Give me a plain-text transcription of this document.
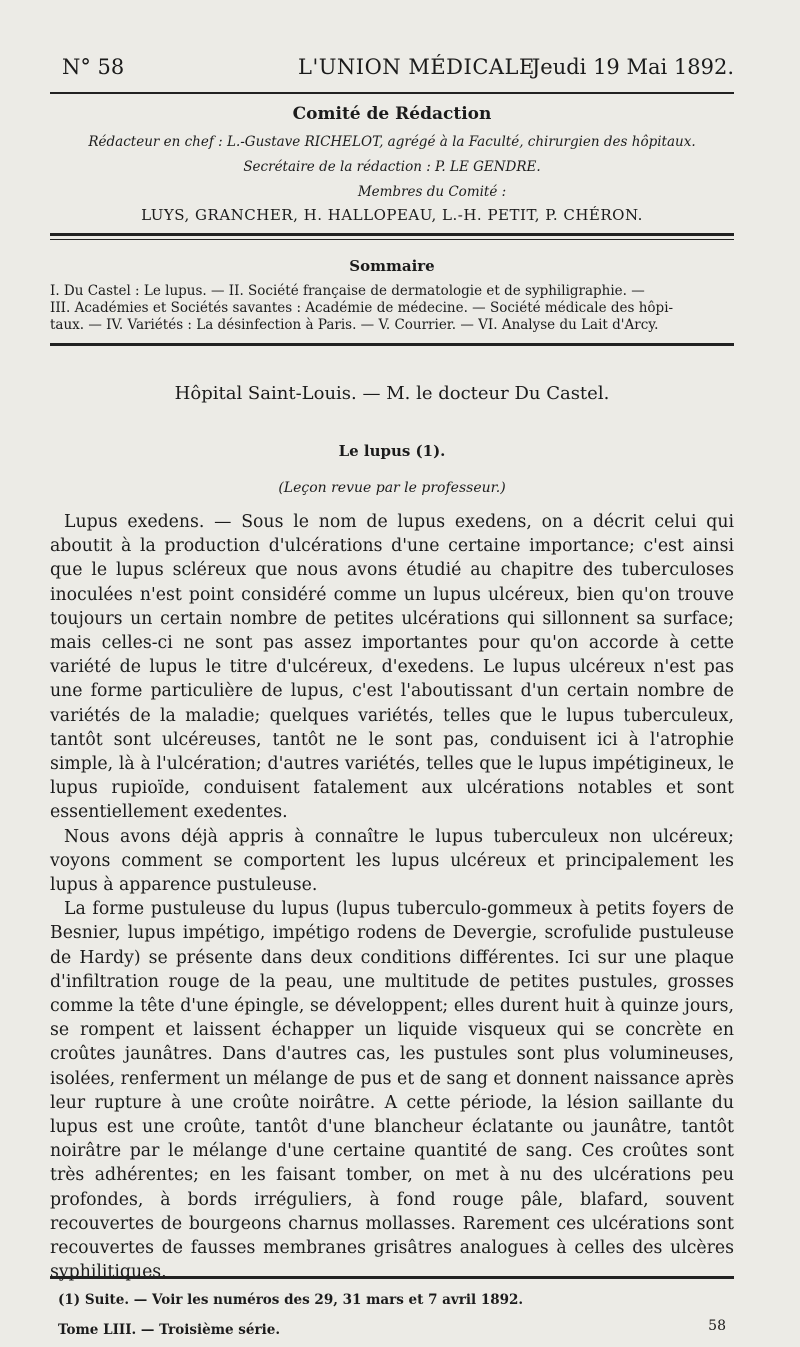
N° 58	L'UNION MÉDICALE
Jeudi 19 Mai 1892.
Comité de Rédaction
Rédacteur en chef : L.-Gustave RICHELOT, agrégé à la Faculté, chirurgien des hôpitaux.
Secrétaire de la rédaction : P. LE GENDRE.
Membres du Comité :
LUYS, GRANCHER, H. HALLOPEAU, L.-H. PETIT, P. CHÉRON.
Sommaire
I. Du Castel : Le lupus. — II. Société française de dermatologie et de syphiligraphie. —
III. Académies et Sociétés savantes : Académie de médecine. — Société médicale des hôpi-
taux. — IV. Variétés : La désinfection à Paris. — V. Courrier. — VI. Analyse du Lait d'Arcy.
Hôpital Saint-Louis. — M. le docteur Du Castel.
Le lupus (1).
(Leçon revue par le professeur.)

Lupus exedens. — Sous le nom de lupus exedens, on a décrit celui qui aboutit à la production d'ulcérations d'une certaine importance; c'est ainsi que le lupus scléreux que nous avons étudié au chapitre des tuberculoses inoculées n'est point considéré comme un lupus ulcéreux, bien qu'on trouve toujours un certain nombre de petites ulcérations qui sillonnent sa surface; mais celles-ci ne sont pas assez importantes pour qu'on accorde à cette variété de lupus le titre d'ulcéreux, d'exedens. Le lupus ulcéreux n'est pas une forme particulière de lupus, c'est l'aboutissant d'un certain nombre de variétés de la maladie; quelques variétés, telles que le lupus tuberculeux, tantôt sont ulcéreuses, tantôt ne le sont pas, conduisent ici à l'atrophie simple, là à l'ulcération; d'autres variétés, telles que le lupus impétigineux, le lupus rupioïde, conduisent fatalement aux ulcérations notables et sont essentiellement exedentes.

Nous avons déjà appris à connaître le lupus tuberculeux non ulcéreux; voyons comment se comportent les lupus ulcéreux et principalement les lupus à apparence pustuleuse.

La forme pustuleuse du lupus (lupus tuberculo-gommeux à petits foyers de Besnier, lupus impétigo, impétigo rodens de Devergie, scrofulide pustuleuse de Hardy) se présente dans deux conditions différentes. Ici sur une plaque d'infiltration rouge de la peau, une multitude de petites pustules, grosses comme la tête d'une épingle, se développent; elles durent huit à quinze jours, se rompent et laissent échapper un liquide visqueux qui se concrète en croûtes jaunâtres. Dans d'autres cas, les pustules sont plus volumineuses, isolées, renferment un mélange de pus et de sang et donnent naissance après leur rupture à une croûte noirâtre. A cette période, la lésion saillante du lupus est une croûte, tantôt d'une blancheur éclatante ou jaunâtre, tantôt noirâtre par le mélange d'une certaine quantité de sang. Ces croûtes sont très adhérentes; en les faisant tomber, on met à nu des ulcérations peu profondes, à bords irréguliers, à fond rouge pâle, blafard, souvent recouvertes de bourgeons charnus mollasses. Rarement ces ulcérations sont recouvertes de fausses membranes grisâtres analogues à celles des ulcères syphilitiques.

(1) Suite. — Voir les numéros des 29, 31 mars et 7 avril 1892.
Tome LIII. — Troisième série.	58
